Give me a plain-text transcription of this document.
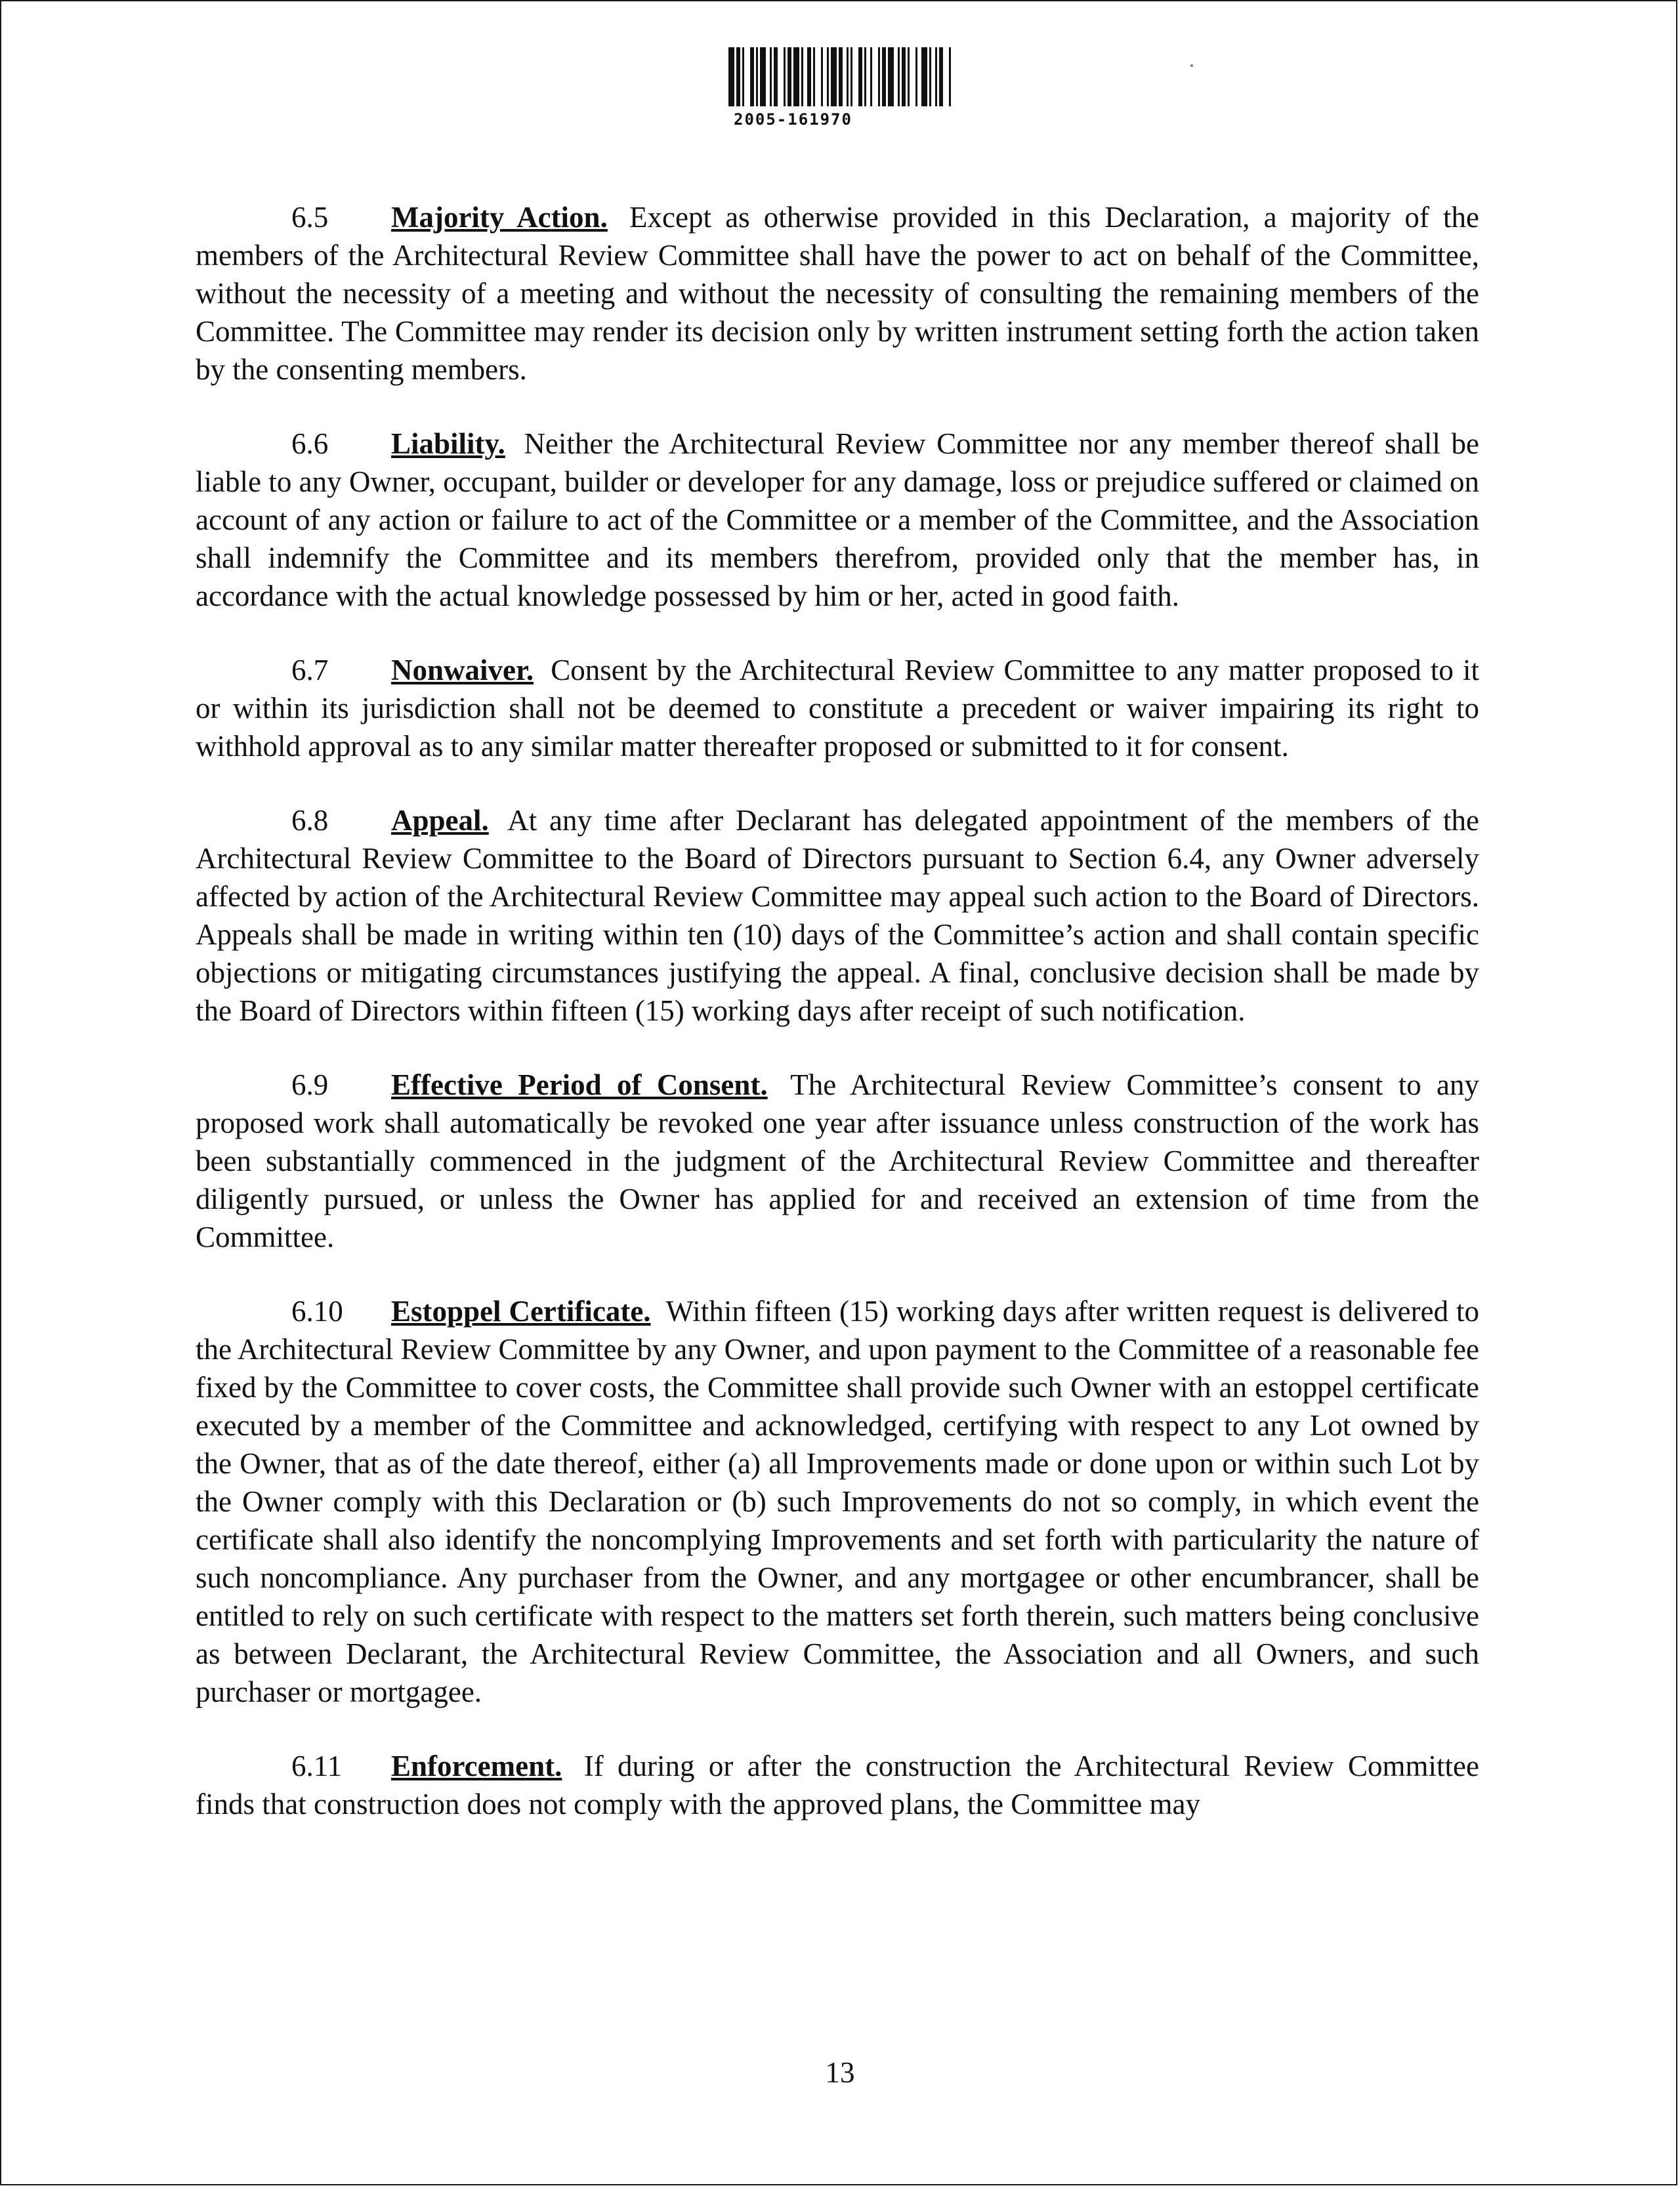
2005-161970

6.5 Majority Action. Except as otherwise provided in this Declaration, a majority of the members of the Architectural Review Committee shall have the power to act on behalf of the Committee, without the necessity of a meeting and without the necessity of consulting the remaining members of the Committee. The Committee may render its decision only by written instrument setting forth the action taken by the consenting members.

6.6 Liability. Neither the Architectural Review Committee nor any member thereof shall be liable to any Owner, occupant, builder or developer for any damage, loss or prejudice suffered or claimed on account of any action or failure to act of the Committee or a member of the Committee, and the Association shall indemnify the Committee and its members therefrom, provided only that the member has, in accordance with the actual knowledge possessed by him or her, acted in good faith.

6.7 Nonwaiver. Consent by the Architectural Review Committee to any matter proposed to it or within its jurisdiction shall not be deemed to constitute a precedent or waiver impairing its right to withhold approval as to any similar matter thereafter proposed or submitted to it for consent.

6.8 Appeal. At any time after Declarant has delegated appointment of the members of the Architectural Review Committee to the Board of Directors pursuant to Section 6.4, any Owner adversely affected by action of the Architectural Review Committee may appeal such action to the Board of Directors. Appeals shall be made in writing within ten (10) days of the Committee’s action and shall contain specific objections or mitigating circumstances justifying the appeal. A final, conclusive decision shall be made by the Board of Directors within fifteen (15) working days after receipt of such notification.

6.9 Effective Period of Consent. The Architectural Review Committee’s consent to any proposed work shall automatically be revoked one year after issuance unless construction of the work has been substantially commenced in the judgment of the Architectural Review Committee and thereafter diligently pursued, or unless the Owner has applied for and received an extension of time from the Committee.

6.10 Estoppel Certificate. Within fifteen (15) working days after written request is delivered to the Architectural Review Committee by any Owner, and upon payment to the Committee of a reasonable fee fixed by the Committee to cover costs, the Committee shall provide such Owner with an estoppel certificate executed by a member of the Committee and acknowledged, certifying with respect to any Lot owned by the Owner, that as of the date thereof, either (a) all Improvements made or done upon or within such Lot by the Owner comply with this Declaration or (b) such Improvements do not so comply, in which event the certificate shall also identify the noncomplying Improvements and set forth with particularity the nature of such noncompliance. Any purchaser from the Owner, and any mortgagee or other encumbrancer, shall be entitled to rely on such certificate with respect to the matters set forth therein, such matters being conclusive as between Declarant, the Architectural Review Committee, the Association and all Owners, and such purchaser or mortgagee.

6.11 Enforcement. If during or after the construction the Architectural Review Committee finds that construction does not comply with the approved plans, the Committee may

13
